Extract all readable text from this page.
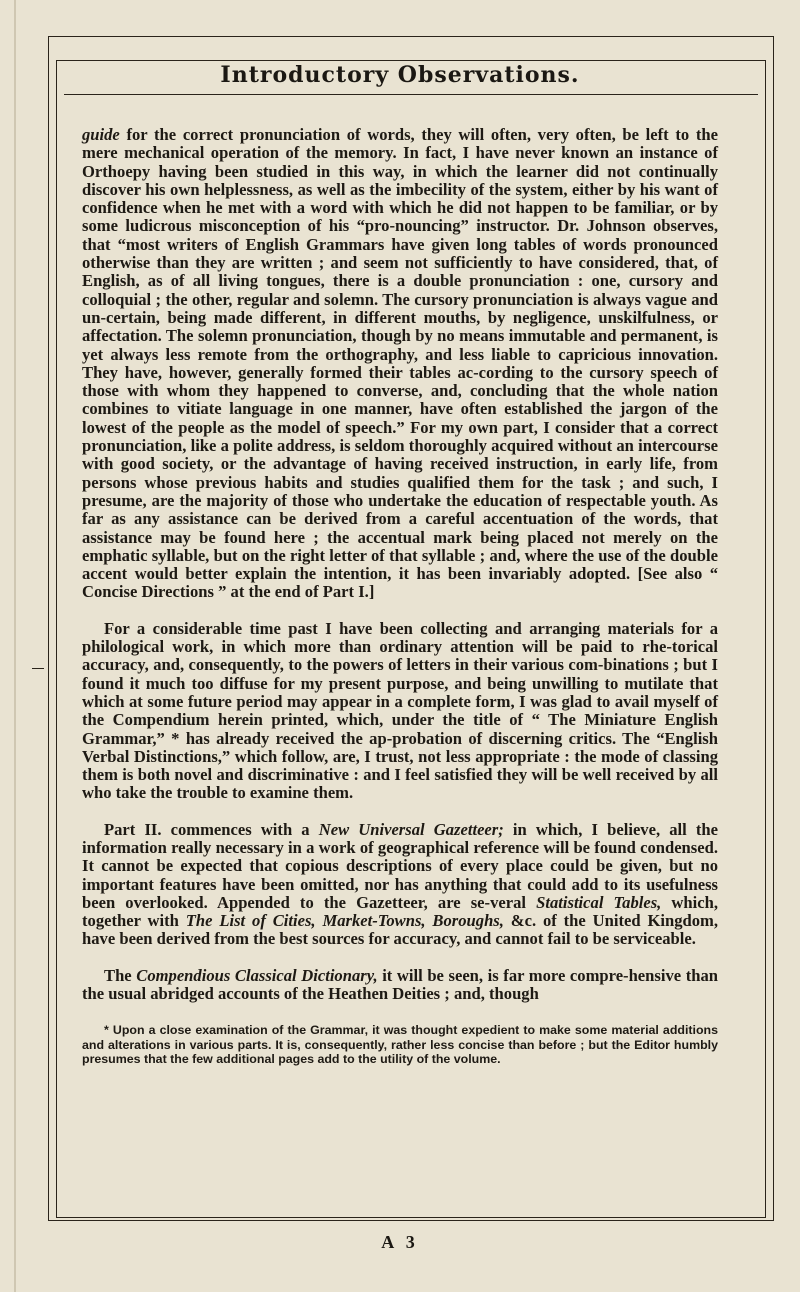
Introductory Observations.

guide for the correct pronunciation of words, they will often, very often, be left to the mere mechanical operation of the memory. In fact, I have never known an instance of Orthoepy having been studied in this way, in which the learner did not continually discover his own helplessness, as well as the imbecility of the system, either by his want of confidence when he met with a word with which he did not happen to be familiar, or by some ludicrous misconception of his “pro-nouncing” instructor. Dr. Johnson observes, that “most writers of English Grammars have given long tables of words pronounced otherwise than they are written ; and seem not sufficiently to have considered, that, of English, as of all living tongues, there is a double pronunciation : one, cursory and colloquial ; the other, regular and solemn. The cursory pronunciation is always vague and un-certain, being made different, in different mouths, by negligence, unskilfulness, or affectation. The solemn pronunciation, though by no means immutable and permanent, is yet always less remote from the orthography, and less liable to capricious innovation. They have, however, generally formed their tables ac-cording to the cursory speech of those with whom they happened to converse, and, concluding that the whole nation combines to vitiate language in one manner, have often established the jargon of the lowest of the people as the model of speech.” For my own part, I consider that a correct pronunciation, like a polite address, is seldom thoroughly acquired without an intercourse with good society, or the advantage of having received instruction, in early life, from persons whose previous habits and studies qualified them for the task ; and such, I presume, are the majority of those who undertake the education of respectable youth. As far as any assistance can be derived from a careful accentuation of the words, that assistance may be found here ; the accentual mark being placed not merely on the emphatic syllable, but on the right letter of that syllable ; and, where the use of the double accent would better explain the intention, it has been invariably adopted. [See also “ Concise Directions ” at the end of Part I.]

For a considerable time past I have been collecting and arranging materials for a philological work, in which more than ordinary attention will be paid to rhe-torical accuracy, and, consequently, to the powers of letters in their various com-binations ; but I found it much too diffuse for my present purpose, and being unwilling to mutilate that which at some future period may appear in a complete form, I was glad to avail myself of the Compendium herein printed, which, under the title of “ The Miniature English Grammar,” * has already received the ap-probation of discerning critics. The “English Verbal Distinctions,” which follow, are, I trust, not less appropriate : the mode of classing them is both novel and discriminative : and I feel satisfied they will be well received by all who take the trouble to examine them.

Part II. commences with a New Universal Gazetteer; in which, I believe, all the information really necessary in a work of geographical reference will be found condensed. It cannot be expected that copious descriptions of every place could be given, but no important features have been omitted, nor has anything that could add to its usefulness been overlooked. Appended to the Gazetteer, are se-veral Statistical Tables, which, together with The List of Cities, Market-Towns, Boroughs, &c. of the United Kingdom, have been derived from the best sources for accuracy, and cannot fail to be serviceable.

The Compendious Classical Dictionary, it will be seen, is far more compre-hensive than the usual abridged accounts of the Heathen Deities ; and, though

* Upon a close examination of the Grammar, it was thought expedient to make some material additions and alterations in various parts. It is, consequently, rather less concise than before ; but the Editor humbly presumes that the few additional pages add to the utility of the volume.

A 3
